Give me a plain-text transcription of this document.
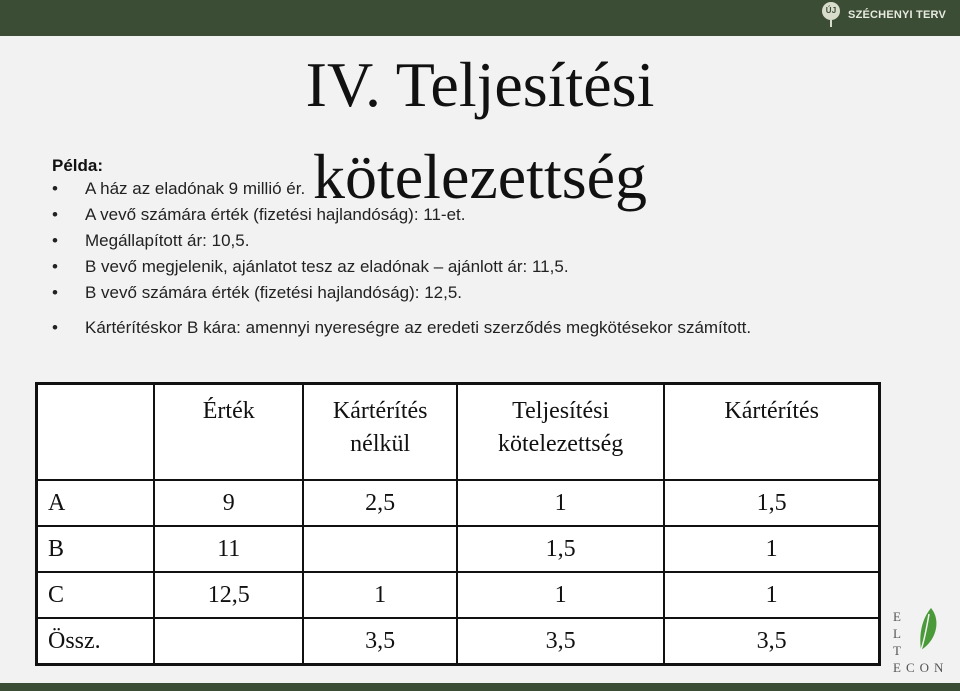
ÚJ	SZÉCHENYI TERV
IV. Teljesítési
Példa:
• A ház az eladónak 9 millió ér.
• A vevő számára érték (fizetési hajlandóság): 11-et.
• Megállapított ár: 10,5.
• B vevő megjelenik, ajánlatot tesz az eladónak – ajánlott ár: 11,5.
• B vevő számára érték (fizetési hajlandóság): 12,5.
• Kártérítéskor B kára: amennyi nyereségre az eredeti szerződés megkötésekor számított.
kötelezettség
	Érték	Kártérítés nélkül	Teljesítési kötelezettség	Kártérítés
A	9	2,5	1	1,5
B	11		1,5	1
C	12,5	1	1	1
Össz.		3,5	3,5	3,5
E
L
T
ECON
